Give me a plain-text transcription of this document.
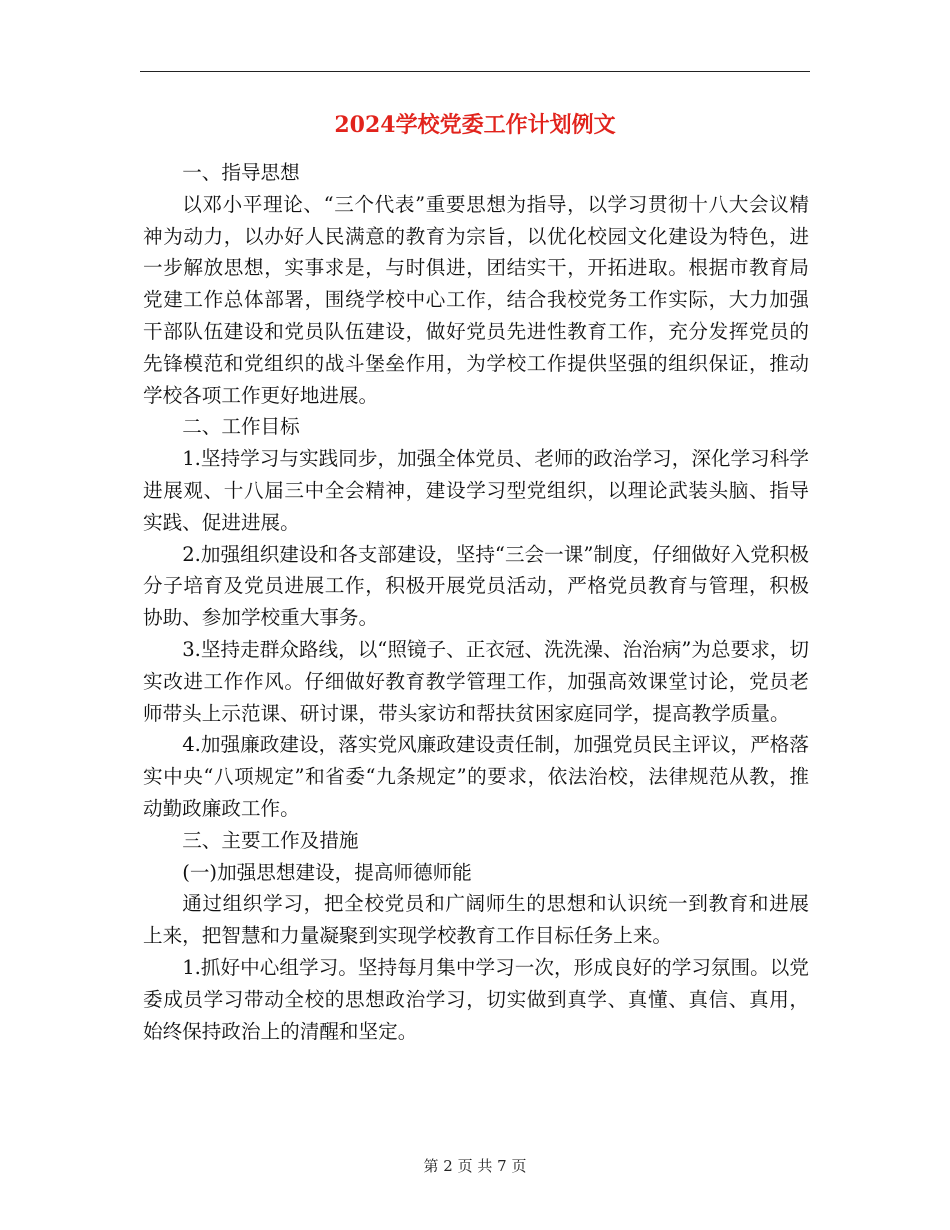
2024学校党委工作计划例文

一、指导思想

以邓小平理论、“三个代表”重要思想为指导，以学习贯彻十八大会议精神为动力，以办好人民满意的教育为宗旨，以优化校园文化建设为特色，进一步解放思想，实事求是，与时俱进，团结实干，开拓进取。根据市教育局党建工作总体部署，围绕学校中心工作，结合我校党务工作实际，大力加强干部队伍建设和党员队伍建设，做好党员先进性教育工作，充分发挥党员的先锋模范和党组织的战斗堡垒作用，为学校工作提供坚强的组织保证，推动学校各项工作更好地进展。

二、工作目标

1.坚持学习与实践同步，加强全体党员、老师的政治学习，深化学习科学进展观、十八届三中全会精神，建设学习型党组织，以理论武装头脑、指导实践、促进进展。

2.加强组织建设和各支部建设，坚持“三会一课”制度，仔细做好入党积极分子培育及党员进展工作，积极开展党员活动，严格党员教育与管理，积极协助、参加学校重大事务。

3.坚持走群众路线，以“照镜子、正衣冠、洗洗澡、治治病”为总要求，切实改进工作作风。仔细做好教育教学管理工作，加强高效课堂讨论，党员老师带头上示范课、研讨课，带头家访和帮扶贫困家庭同学，提高教学质量。

4.加强廉政建设，落实党风廉政建设责任制，加强党员民主评议，严格落实中央“八项规定”和省委“九条规定”的要求，依法治校，法律规范从教，推动勤政廉政工作。

三、主要工作及措施

(一)加强思想建设，提高师德师能

通过组织学习，把全校党员和广阔师生的思想和认识统一到教育和进展上来，把智慧和力量凝聚到实现学校教育工作目标任务上来。

1.抓好中心组学习。坚持每月集中学习一次，形成良好的学习氛围。以党委成员学习带动全校的思想政治学习，切实做到真学、真懂、真信、真用，始终保持政治上的清醒和坚定。

第 2 页 共 7 页
